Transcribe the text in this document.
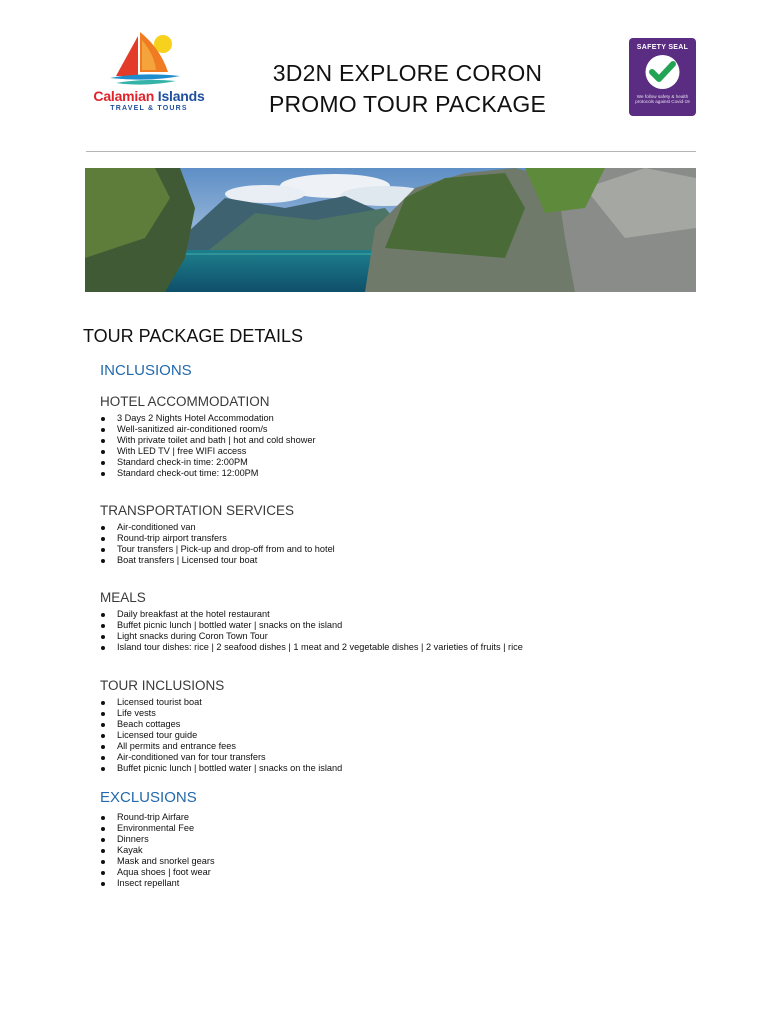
Calamian Islands
TRAVEL & TOURS
3D2N EXPLORE CORON
PROMO TOUR PACKAGE
SAFETY SEAL
We follow safety & health protocols against Covid-19
TOUR PACKAGE DETAILS
INCLUSIONS
HOTEL ACCOMMODATION
3 Days 2 Nights Hotel Accommodation
Well-sanitized air-conditioned room/s
With private toilet and bath | hot and cold shower
With LED TV | free WIFI access
Standard check-in time: 2:00PM
Standard check-out time: 12:00PM
TRANSPORTATION SERVICES
Air-conditioned van
Round-trip airport transfers
Tour transfers | Pick-up and drop-off from and to hotel
Boat transfers | Licensed tour boat
MEALS
Daily breakfast at the hotel restaurant
Buffet picnic lunch | bottled water | snacks on the island
Light snacks during Coron Town Tour
Island tour dishes: rice | 2 seafood dishes | 1 meat and 2 vegetable dishes | 2 varieties of fruits | rice
TOUR INCLUSIONS
Licensed tourist boat
Life vests
Beach cottages
Licensed tour guide
All permits and entrance fees
Air-conditioned van for tour transfers
Buffet picnic lunch | bottled water | snacks on the island
EXCLUSIONS
Round-trip Airfare
Environmental Fee
Dinners
Kayak
Mask and snorkel gears
Aqua shoes | foot wear
Insect repellant
